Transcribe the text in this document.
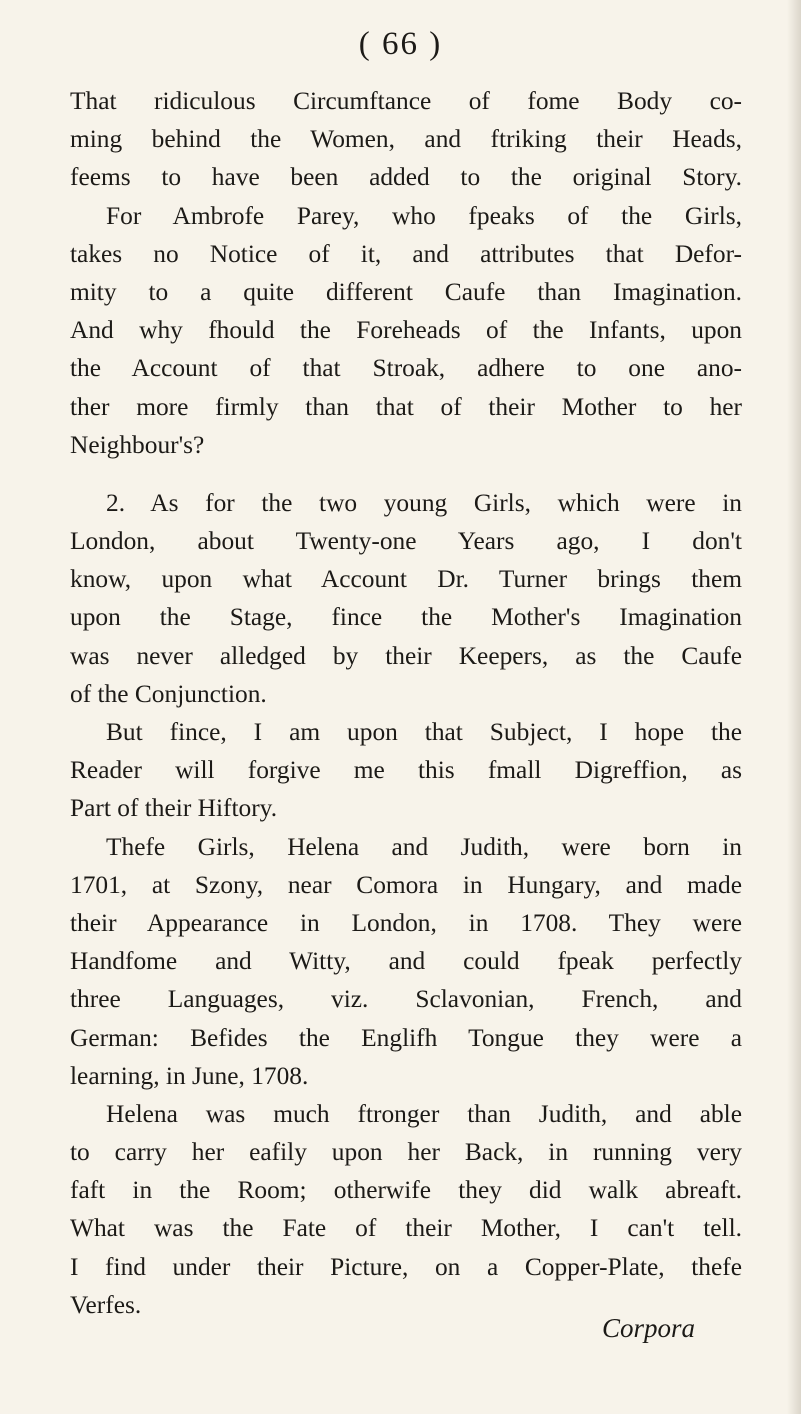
( 66 )
That ridiculous Circumftance of fome Body co-
ming behind the Women, and ftriking their Heads,
feems to have been added to the original Story.
For Ambrofe Parey, who fpeaks of the Girls,
takes no Notice of it, and attributes that Defor-
mity to a quite different Caufe than Imagination.
And why fhould the Foreheads of the Infants, upon
the Account of that Stroak, adhere to one ano-
ther more firmly than that of their Mother to her
Neighbour's?
2. As for the two young Girls, which were in
London, about Twenty-one Years ago, I don't
know, upon what Account Dr. Turner brings them
upon the Stage, fince the Mother's Imagination
was never alledged by their Keepers, as the Caufe
of the Conjunction.
But fince, I am upon that Subject, I hope the
Reader will forgive me this fmall Digreffion, as
Part of their Hiftory.
Thefe Girls, Helena and Judith, were born in
1701, at Szony, near Comora in Hungary, and made
their Appearance in London, in 1708. They were
Handfome and Witty, and could fpeak perfectly
three Languages, viz. Sclavonian, French, and
German: Befides the Englifh Tongue they were a
learning, in June, 1708.
Helena was much ftronger than Judith, and able
to carry her eafily upon her Back, in running very
faft in the Room; otherwife they did walk abreaft.
What was the Fate of their Mother, I can't tell.
I find under their Picture, on a Copper-Plate, thefe
Verfes.
Corpora
